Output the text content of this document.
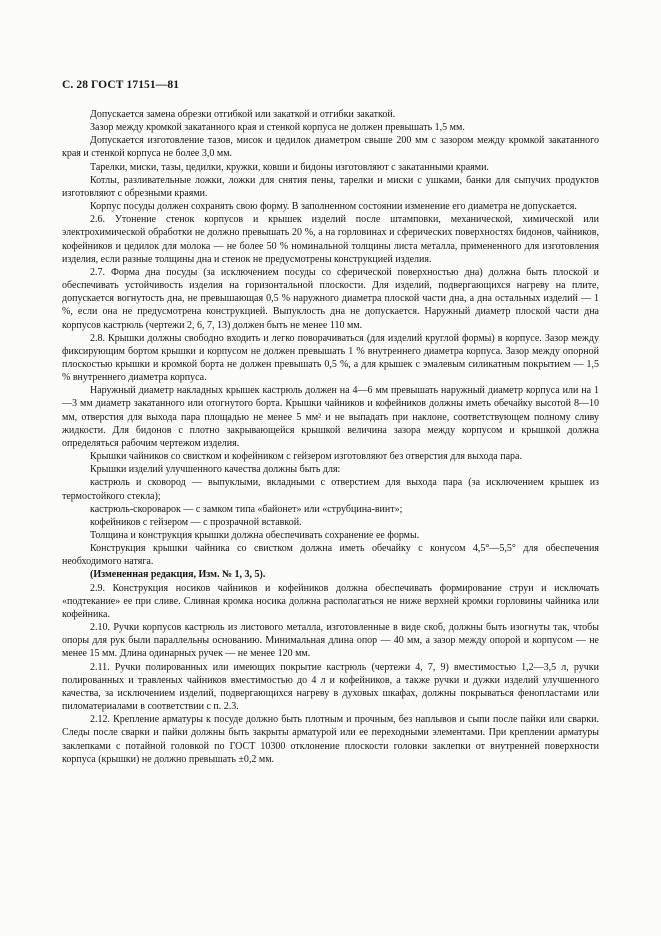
С. 28 ГОСТ 17151—81

Допускается замена обрезки отгибкой или закаткой и отгибки закаткой.

Зазор между кромкой закатанного края и стенкой корпуса не должен превышать 1,5 мм.

Допускается изготовление тазов, мисок и цедилок диаметром свыше 200 мм с зазором между кромкой закатанного края и стенкой корпуса не более 3,0 мм.

Тарелки, миски, тазы, цедилки, кружки, ковши и бидоны изготовляют с закатанными краями.

Котлы, разливательные ложки, ложки для снятия пены, тарелки и миски с ушками, банки для сыпучих продуктов изготовляют с обрезными краями.

Корпус посуды должен сохранять свою форму. В заполненном состоянии изменение его диаметра не допускается.

2.6. Утонение стенок корпусов и крышек изделий после штамповки, механической, химической или электрохимической обработки не должно превышать 20 %, а на горловинах и сферических поверхностях бидонов, чайников, кофейников и цедилок для молока — не более 50 % номинальной толщины листа металла, примененного для изготовления изделия, если разные толщины дна и стенок не предусмотрены конструкцией изделия.

2.7. Форма дна посуды (за исключением посуды со сферической поверхностью дна) должна быть плоской и обеспечивать устойчивость изделия на горизонтальной плоскости. Для изделий, подвергающихся нагреву на плите, допускается вогнутость дна, не превышающая 0,5 % наружного диаметра плоской части дна, а дна остальных изделий — 1 %, если она не предусмотрена конструкцией. Выпуклость дна не допускается. Наружный диаметр плоской части дна корпусов кастрюль (чертежи 2, 6, 7, 13) должен быть не менее 110 мм.

2.8. Крышки должны свободно входить и легко поворачиваться (для изделий круглой формы) в корпусе. Зазор между фиксирующим бортом крышки и корпусом не должен превышать 1 % внутреннего диаметра корпуса. Зазор между опорной плоскостью крышки и кромкой борта не должен превышать 0,5 %, а для крышек с эмалевым силикатным покрытием — 1,5 % внутреннего диаметра корпуса.

Наружный диаметр накладных крышек кастрюль должен на 4—6 мм превышать наружный диаметр корпуса или на 1—3 мм диаметр закатанного или отогнутого борта. Крышки чайников и кофейников должны иметь обечайку высотой 8—10 мм, отверстия для выхода пара площадью не менее 5 мм² и не выпадать при наклоне, соответствующем полному сливу жидкости. Для бидонов с плотно закрывающейся крышкой величина зазора между корпусом и крышкой должна определяться рабочим чертежом изделия.

Крышки чайников со свистком и кофейником с гейзером изготовляют без отверстия для выхода пара.

Крышки изделий улучшенного качества должны быть для:

кастрюль и сковород — выпуклыми, вкладными с отверстием для выхода пара (за исключением крышек из термостойкого стекла);

кастрюль-скороварок — с замком типа «байонет» или «струбцина-винт»;

кофейников с гейзером — с прозрачной вставкой.

Толщина и конструкция крышки должна обеспечивать сохранение ее формы.

Конструкция крышки чайника со свистком должна иметь обечайку с конусом 4,5°—5,5° для обеспечения необходимого натяга.

(Измененная редакция, Изм. № 1, 3, 5).

2.9. Конструкция носиков чайников и кофейников должна обеспечивать формирование струи и исключать «подтекание» ее при сливе. Сливная кромка носика должна располагаться не ниже верхней кромки горловины чайника или кофейника.

2.10. Ручки корпусов кастрюль из листового металла, изготовленные в виде скоб, должны быть изогнуты так, чтобы опоры для рук были параллельны основанию. Минимальная длина опор — 40 мм, а зазор между опорой и корпусом — не менее 15 мм. Длина одинарных ручек — не менее 120 мм.

2.11. Ручки полированных или имеющих покрытие кастрюль (чертежи 4, 7, 9) вместимостью 1,2—3,5 л, ручки полированных и травленых чайников вместимостью до 4 л и кофейников, а также ручки и дужки изделий улучшенного качества, за исключением изделий, подвергающихся нагреву в духовых шкафах, должны покрываться фенопластами или пиломатериалами в соответствии с п. 2.3.

2.12. Крепление арматуры к посуде должно быть плотным и прочным, без наплывов и сыпи после пайки или сварки. Следы после сварки и пайки должны быть закрыты арматурой или ее переходными элементами. При креплении арматуры заклепками с потайной головкой по ГОСТ 10300 отклонение плоскости головки заклепки от внутренней поверхности корпуса (крышки) не должно превышать ±0,2 мм.
